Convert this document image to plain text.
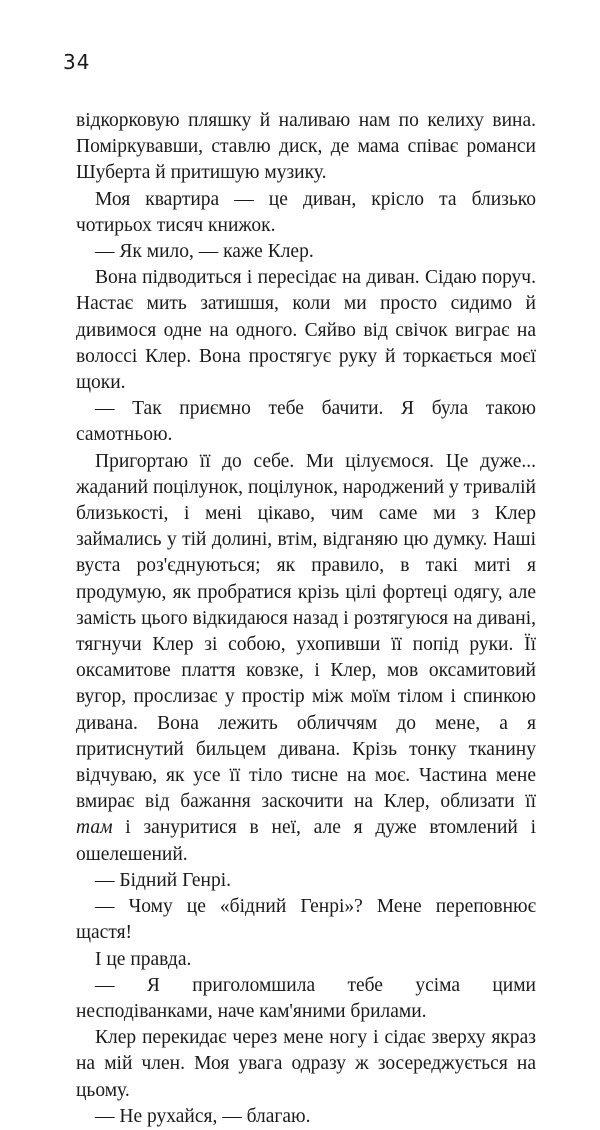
34

відкорковую пляшку й наливаю нам по келиху вина. Поміркувавши, ставлю диск, де мама співає романси Шуберта й притишую музику.

Моя квартира — це диван, крісло та близько чотирьох тисяч книжок.

— Як мило, — каже Клер.

Вона підводиться і пересідає на диван. Сідаю поруч. Настає мить затишшя, коли ми просто сидимо й дивимося одне на одного. Сяйво від свічок виграє на волоссі Клер. Вона простягує руку й торкається моєї щоки.

— Так приємно тебе бачити. Я була такою самотньою.

Пригортаю її до себе. Ми цілуємося. Це дуже... жаданий поцілунок, поцілунок, народжений у тривалій близькості, і мені цікаво, чим саме ми з Клер займались у тій долині, втім, відганяю цю думку. Наші вуста роз'єднуються; як правило, в такі миті я продумую, як пробратися крізь цілі фортеці одягу, але замість цього відкидаюся назад і розтягуюся на дивані, тягнучи Клер зі собою, ухопивши її попід руки. Її оксамитове плаття ковзке, і Клер, мов оксамитовий вугор, прослизає у простір між моїм тілом і спинкою дивана. Вона лежить обличчям до мене, а я притиснутий бильцем дивана. Крізь тонку тканину відчуваю, як усе її тіло тисне на моє. Частина мене вмирає від бажання заскочити на Клер, облизати її там і зануритися в неї, але я дуже втомлений і ошелешений.

— Бідний Генрі.

— Чому це «бідний Генрі»? Мене переповнює щастя!

І це правда.

— Я приголомшила тебе усіма цими несподіванками, наче кам'яними брилами.

Клер перекидає через мене ногу і сідає зверху якраз на мій член. Моя увага одразу ж зосереджується на цьому.

— Не рухайся, — благаю.
